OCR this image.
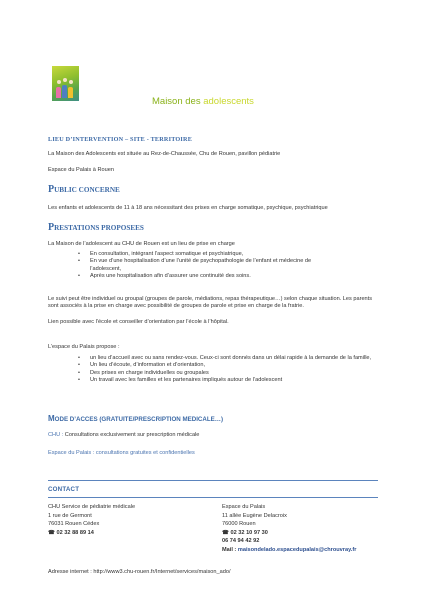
Maison des adolescents
LIEU D’INTERVENTION – SITE - TERRITOIRE
La Maison des Adolescents est située au Rez-de-Chaussée, Chu de Rouen, pavillon pédiatrie
Espace du Palais à Rouen
PUBLIC CONCERNE
Les enfants et adolescents de 11 à 18 ans nécessitant des prises en charge somatique, psychique, psychiatrique
PRESTATIONS PROPOSEES
La Maison de l’adolescent au CHU de Rouen est un lieu de prise en charge
• En consultation, intégrant l’aspect somatique et psychiatrique,
• En vue d’une hospitalisation d’une l’unité de psychopathologie de l’enfant et médecine de l’adolescent,
• Après une hospitalisation afin d’assurer une continuité des soins.
Le suivi peut être individuel ou groupal (groupes de parole, médiations, repas thérapeutique…) selon chaque situation. Les parents sont associés à la prise en charge avec possibilité de groupes de parole et prise en charge de la fratrie.
Lien possible avec l’école et conseiller d’orientation par l’école à l’hôpital.
L’espace du Palais propose :
• un lieu d’accueil avec ou sans rendez-vous. Ceux-ci sont donnés dans un délai rapide à la demande de la famille,
• Un lieu d’écoute, d’information et d’orientation,
• Des prises en charge individuelles ou groupales
• Un travail avec les familles et les partenaires impliqués autour de l’adolescent
MODE D’ACCES (GRATUITE/PRESCRIPTION MEDICALE…)
CHU : Consultations exclusivement sur prescription médicale
Espace du Palais : consultations gratuites et confidentielles
CONTACT
CHU Service de pédiatrie médicale
1 rue de Germont
76031 Rouen Cédex
☎ 02 32 88 89 14
Espace du Palais
11 allée Eugène Delacroix
76000 Rouen
☎ 02 32 10 97 30
06 74 94 42 92
Mail : maisondelado.espacedupalais@chrouvray.fr
Adresse internet : http://www3.chu-rouen.fr/Internet/services/maison_ado/
